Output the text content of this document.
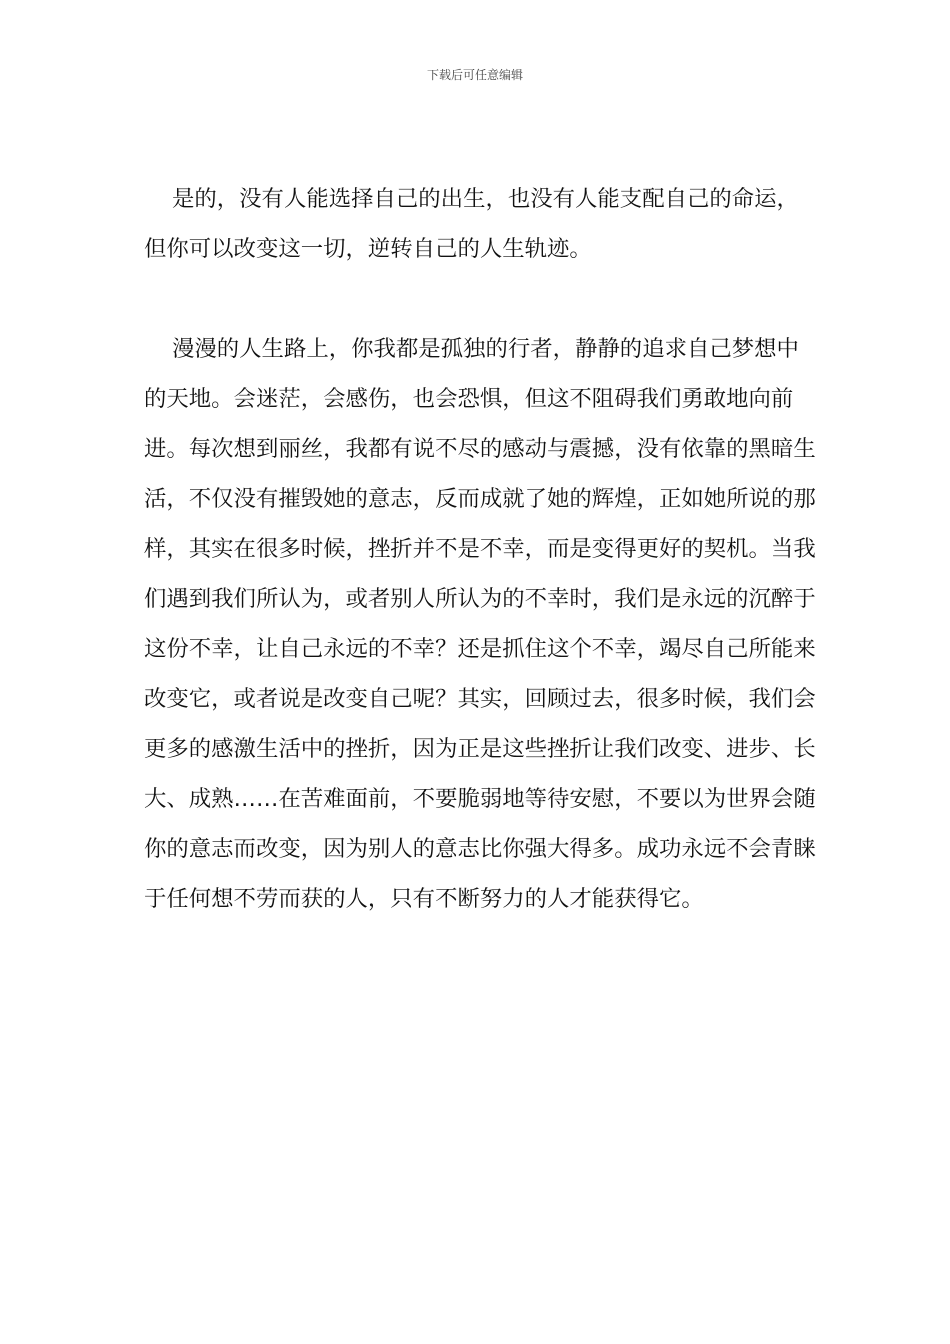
下载后可任意编辑

是的，没有人能选择自己的出生，也没有人能支配自己的命运，但你可以改变这一切，逆转自己的人生轨迹。

漫漫的人生路上，你我都是孤独的行者，静静的追求自己梦想中的天地。会迷茫，会感伤，也会恐惧，但这不阻碍我们勇敢地向前进。每次想到丽丝，我都有说不尽的感动与震撼，没有依靠的黑暗生活，不仅没有摧毁她的意志，反而成就了她的辉煌，正如她所说的那样，其实在很多时候，挫折并不是不幸，而是变得更好的契机。当我们遇到我们所认为，或者别人所认为的不幸时，我们是永远的沉醉于这份不幸，让自己永远的不幸？还是抓住这个不幸，竭尽自己所能来改变它，或者说是改变自己呢？其实，回顾过去，很多时候，我们会更多的感激生活中的挫折，因为正是这些挫折让我们改变、进步、长大、成熟……在苦难面前，不要脆弱地等待安慰，不要以为世界会随你的意志而改变，因为别人的意志比你强大得多。成功永远不会青睐于任何想不劳而获的人，只有不断努力的人才能获得它。
